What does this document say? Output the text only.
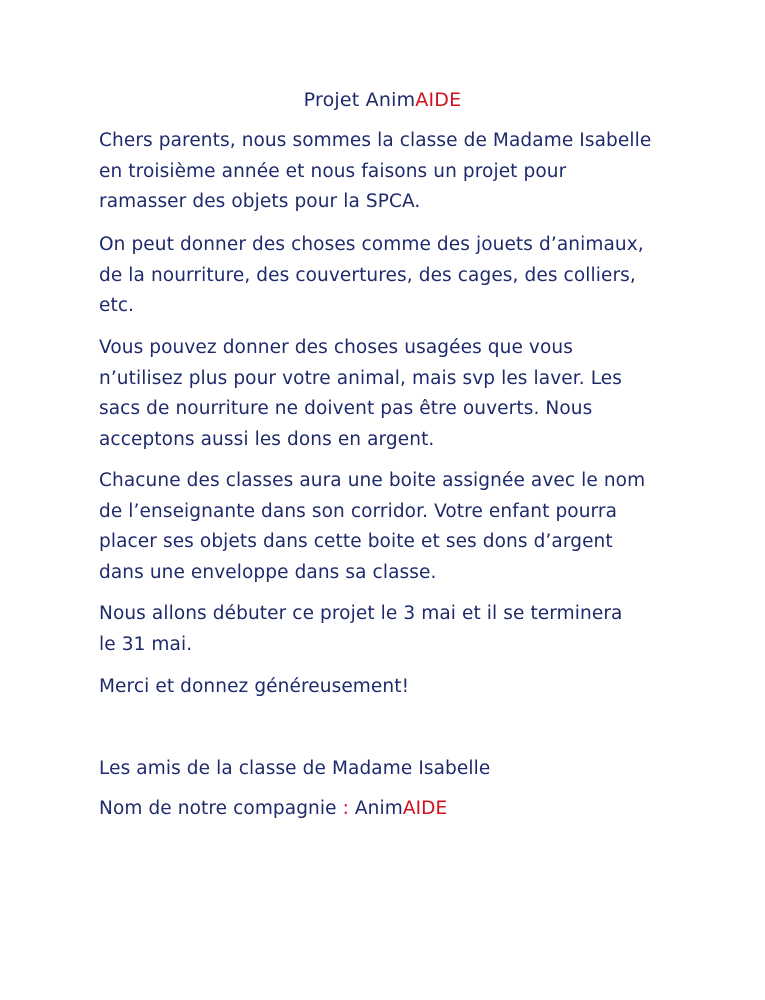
Projet AnimAIDE

Chers parents, nous sommes la classe de Madame Isabelle
en troisième année et nous faisons un projet pour
ramasser des objets pour la SPCA.

On peut donner des choses comme des jouets d’animaux,
de la nourriture, des couvertures, des cages, des colliers,
etc.

Vous pouvez donner des choses usagées que vous
n’utilisez plus pour votre animal, mais svp les laver. Les
sacs de nourriture ne doivent pas être ouverts. Nous
acceptons aussi les dons en argent.

Chacune des classes aura une boite assignée avec le nom
de l’enseignante dans son corridor. Votre enfant pourra
placer ses objets dans cette boite et ses dons d’argent
dans une enveloppe dans sa classe.

Nous allons débuter ce projet le 3 mai et il se terminera
le 31 mai.

Merci et donnez généreusement!

Les amis de la classe de Madame Isabelle

Nom de notre compagnie : AnimAIDE
